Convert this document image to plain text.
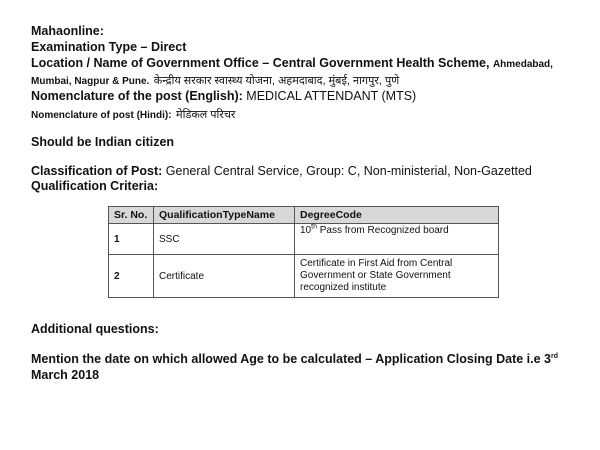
Mahaonline:
Examination Type – Direct
Location / Name of Government Office – Central Government Health Scheme, Ahmedabad,
Mumbai, Nagpur & Pune. केन्द्रीय सरकार स्वास्थ्य योजना, अहमदाबाद, मुंबई, नागपुर, पुणे
Nomenclature of the post (English): MEDICAL ATTENDANT (MTS)
Nomenclature of post (Hindi): मेडिकल परिचर
Should be Indian citizen
Classification of Post: General Central Service, Group: C, Non-ministerial, Non-Gazetted
Qualification Criteria:
Sr. No.	QualificationTypeName	DegreeCode
1	SSC	10th Pass from Recognized board
2	Certificate	Certificate in First Aid from Central
Government or State Government
recognized institute
Additional questions:
Mention the date on which allowed Age to be calculated – Application Closing Date i.e 3rd
March 2018
